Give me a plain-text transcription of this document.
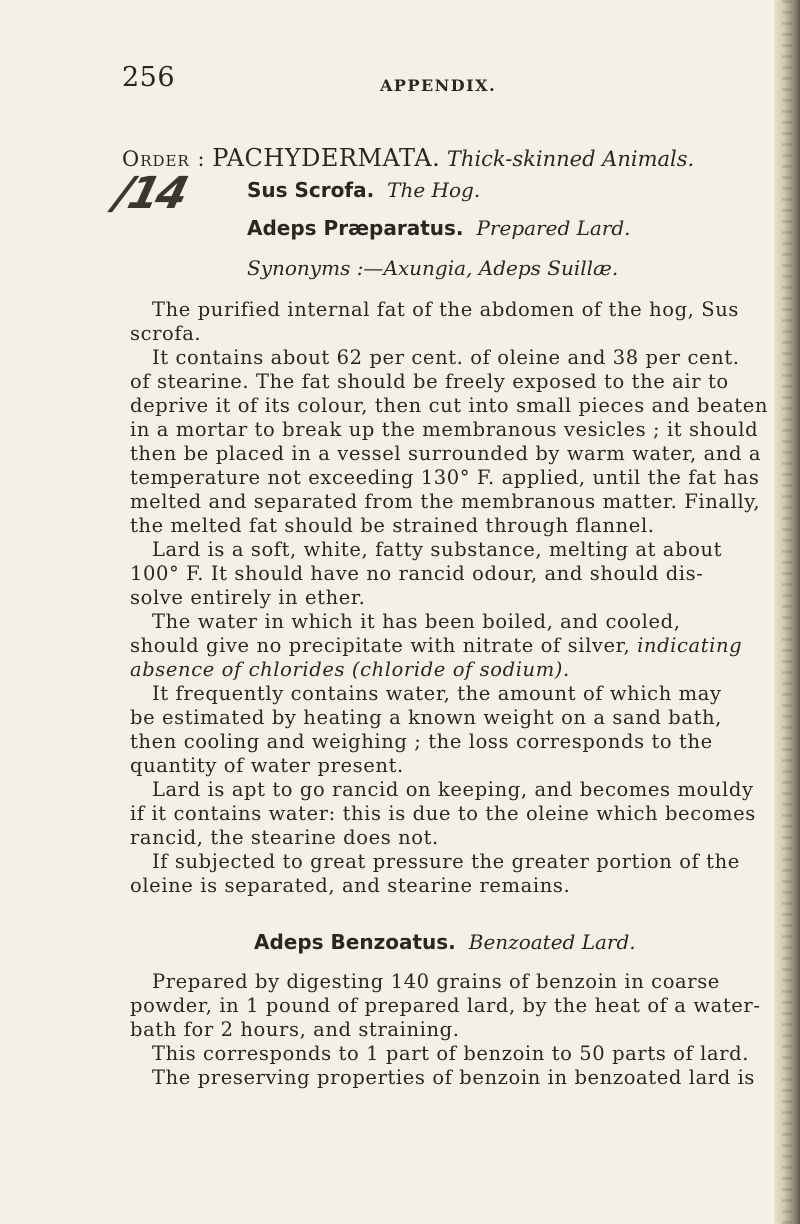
256	APPENDIX.
/14
Order : PACHYDERMATA. Thick-skinned Animals.
Sus Scrofa. The Hog.
Adeps Præparatus. Prepared Lard.
Synonyms :—Axungia, Adeps Suillæ.
The purified internal fat of the abdomen of the hog, Sus
scrofa.
It contains about 62 per cent. of oleine and 38 per cent.
of stearine. The fat should be freely exposed to the air to
deprive it of its colour, then cut into small pieces and beaten
in a mortar to break up the membranous vesicles ; it should
then be placed in a vessel surrounded by warm water, and a
temperature not exceeding 130° F. applied, until the fat has
melted and separated from the membranous matter. Finally,
the melted fat should be strained through flannel.
Lard is a soft, white, fatty substance, melting at about
100° F. It should have no rancid odour, and should dis-
solve entirely in ether.
The water in which it has been boiled, and cooled,
should give no precipitate with nitrate of silver, indicating
absence of chlorides (chloride of sodium).
It frequently contains water, the amount of which may
be estimated by heating a known weight on a sand bath,
then cooling and weighing ; the loss corresponds to the
quantity of water present.
Lard is apt to go rancid on keeping, and becomes mouldy
if it contains water: this is due to the oleine which becomes
rancid, the stearine does not.
If subjected to great pressure the greater portion of the
oleine is separated, and stearine remains.
Adeps Benzoatus. Benzoated Lard.
Prepared by digesting 140 grains of benzoin in coarse
powder, in 1 pound of prepared lard, by the heat of a water-
bath for 2 hours, and straining.
This corresponds to 1 part of benzoin to 50 parts of lard.
The preserving properties of benzoin in benzoated lard is
